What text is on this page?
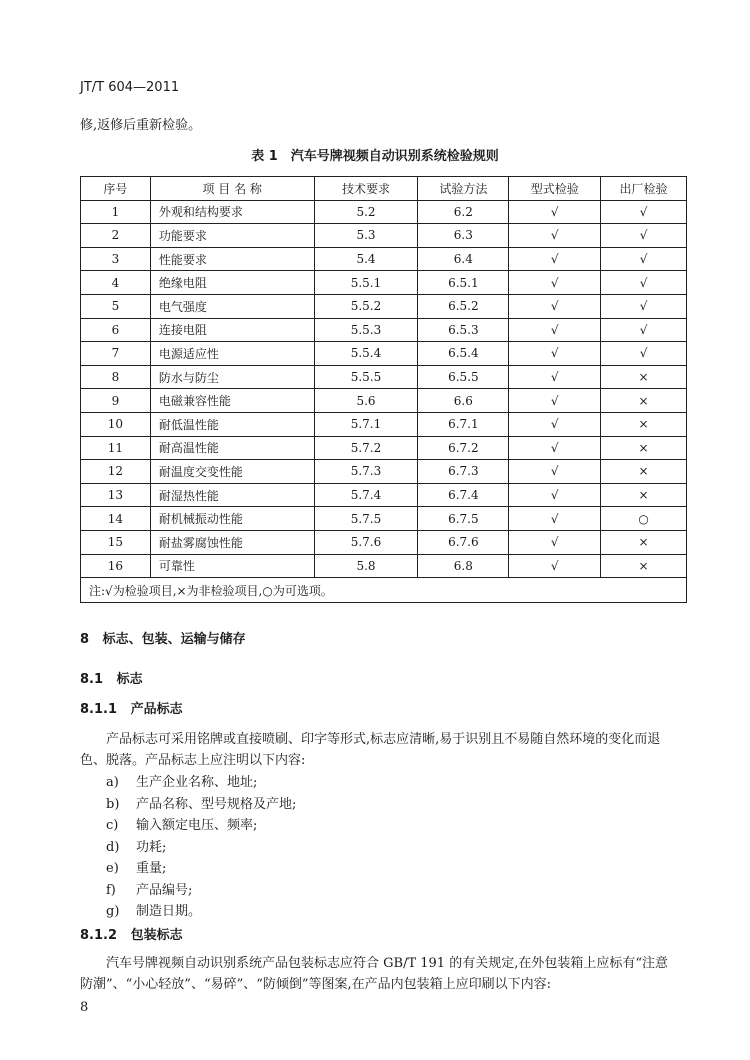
JT/T 604—2011
修,返修后重新检验。
表 1　汽车号牌视频自动识别系统检验规则
序号	项 目 名 称	技术要求	试验方法	型式检验	出厂检验
1	外观和结构要求	5.2	6.2	√	√
2	功能要求	5.3	6.3	√	√
3	性能要求	5.4	6.4	√	√
4	绝缘电阻	5.5.1	6.5.1	√	√
5	电气强度	5.5.2	6.5.2	√	√
6	连接电阻	5.5.3	6.5.3	√	√
7	电源适应性	5.5.4	6.5.4	√	√
8	防水与防尘	5.5.5	6.5.5	√	×
9	电磁兼容性能	5.6	6.6	√	×
10	耐低温性能	5.7.1	6.7.1	√	×
11	耐高温性能	5.7.2	6.7.2	√	×
12	耐温度交变性能	5.7.3	6.7.3	√	×
13	耐湿热性能	5.7.4	6.7.4	√	×
14	耐机械振动性能	5.7.5	6.7.5	√	○
15	耐盐雾腐蚀性能	5.7.6	6.7.6	√	×
16	可靠性	5.8	6.8	√	×
注:√为检验项目,×为非检验项目,○为可选项。					
8 标志、包装、运输与储存
8.1 标志
8.1.1 产品标志
产品标志可采用铭牌或直接喷刷、印字等形式,标志应清晰,易于识别且不易随自然环境的变化而退
色、脱落。产品标志上应注明以下内容:
a)	生产企业名称、地址;
b)	产品名称、型号规格及产地;
c)	输入额定电压、频率;
d)	功耗;
e)	重量;
f)	产品编号;
g)	制造日期。
8.1.2 包装标志
汽车号牌视频自动识别系统产品包装标志应符合 GB/T 191 的有关规定,在外包装箱上应标有“注意
防潮”、“小心轻放”、“易碎”、“防倾倒”等图案,在产品内包装箱上应印刷以下内容:
8
